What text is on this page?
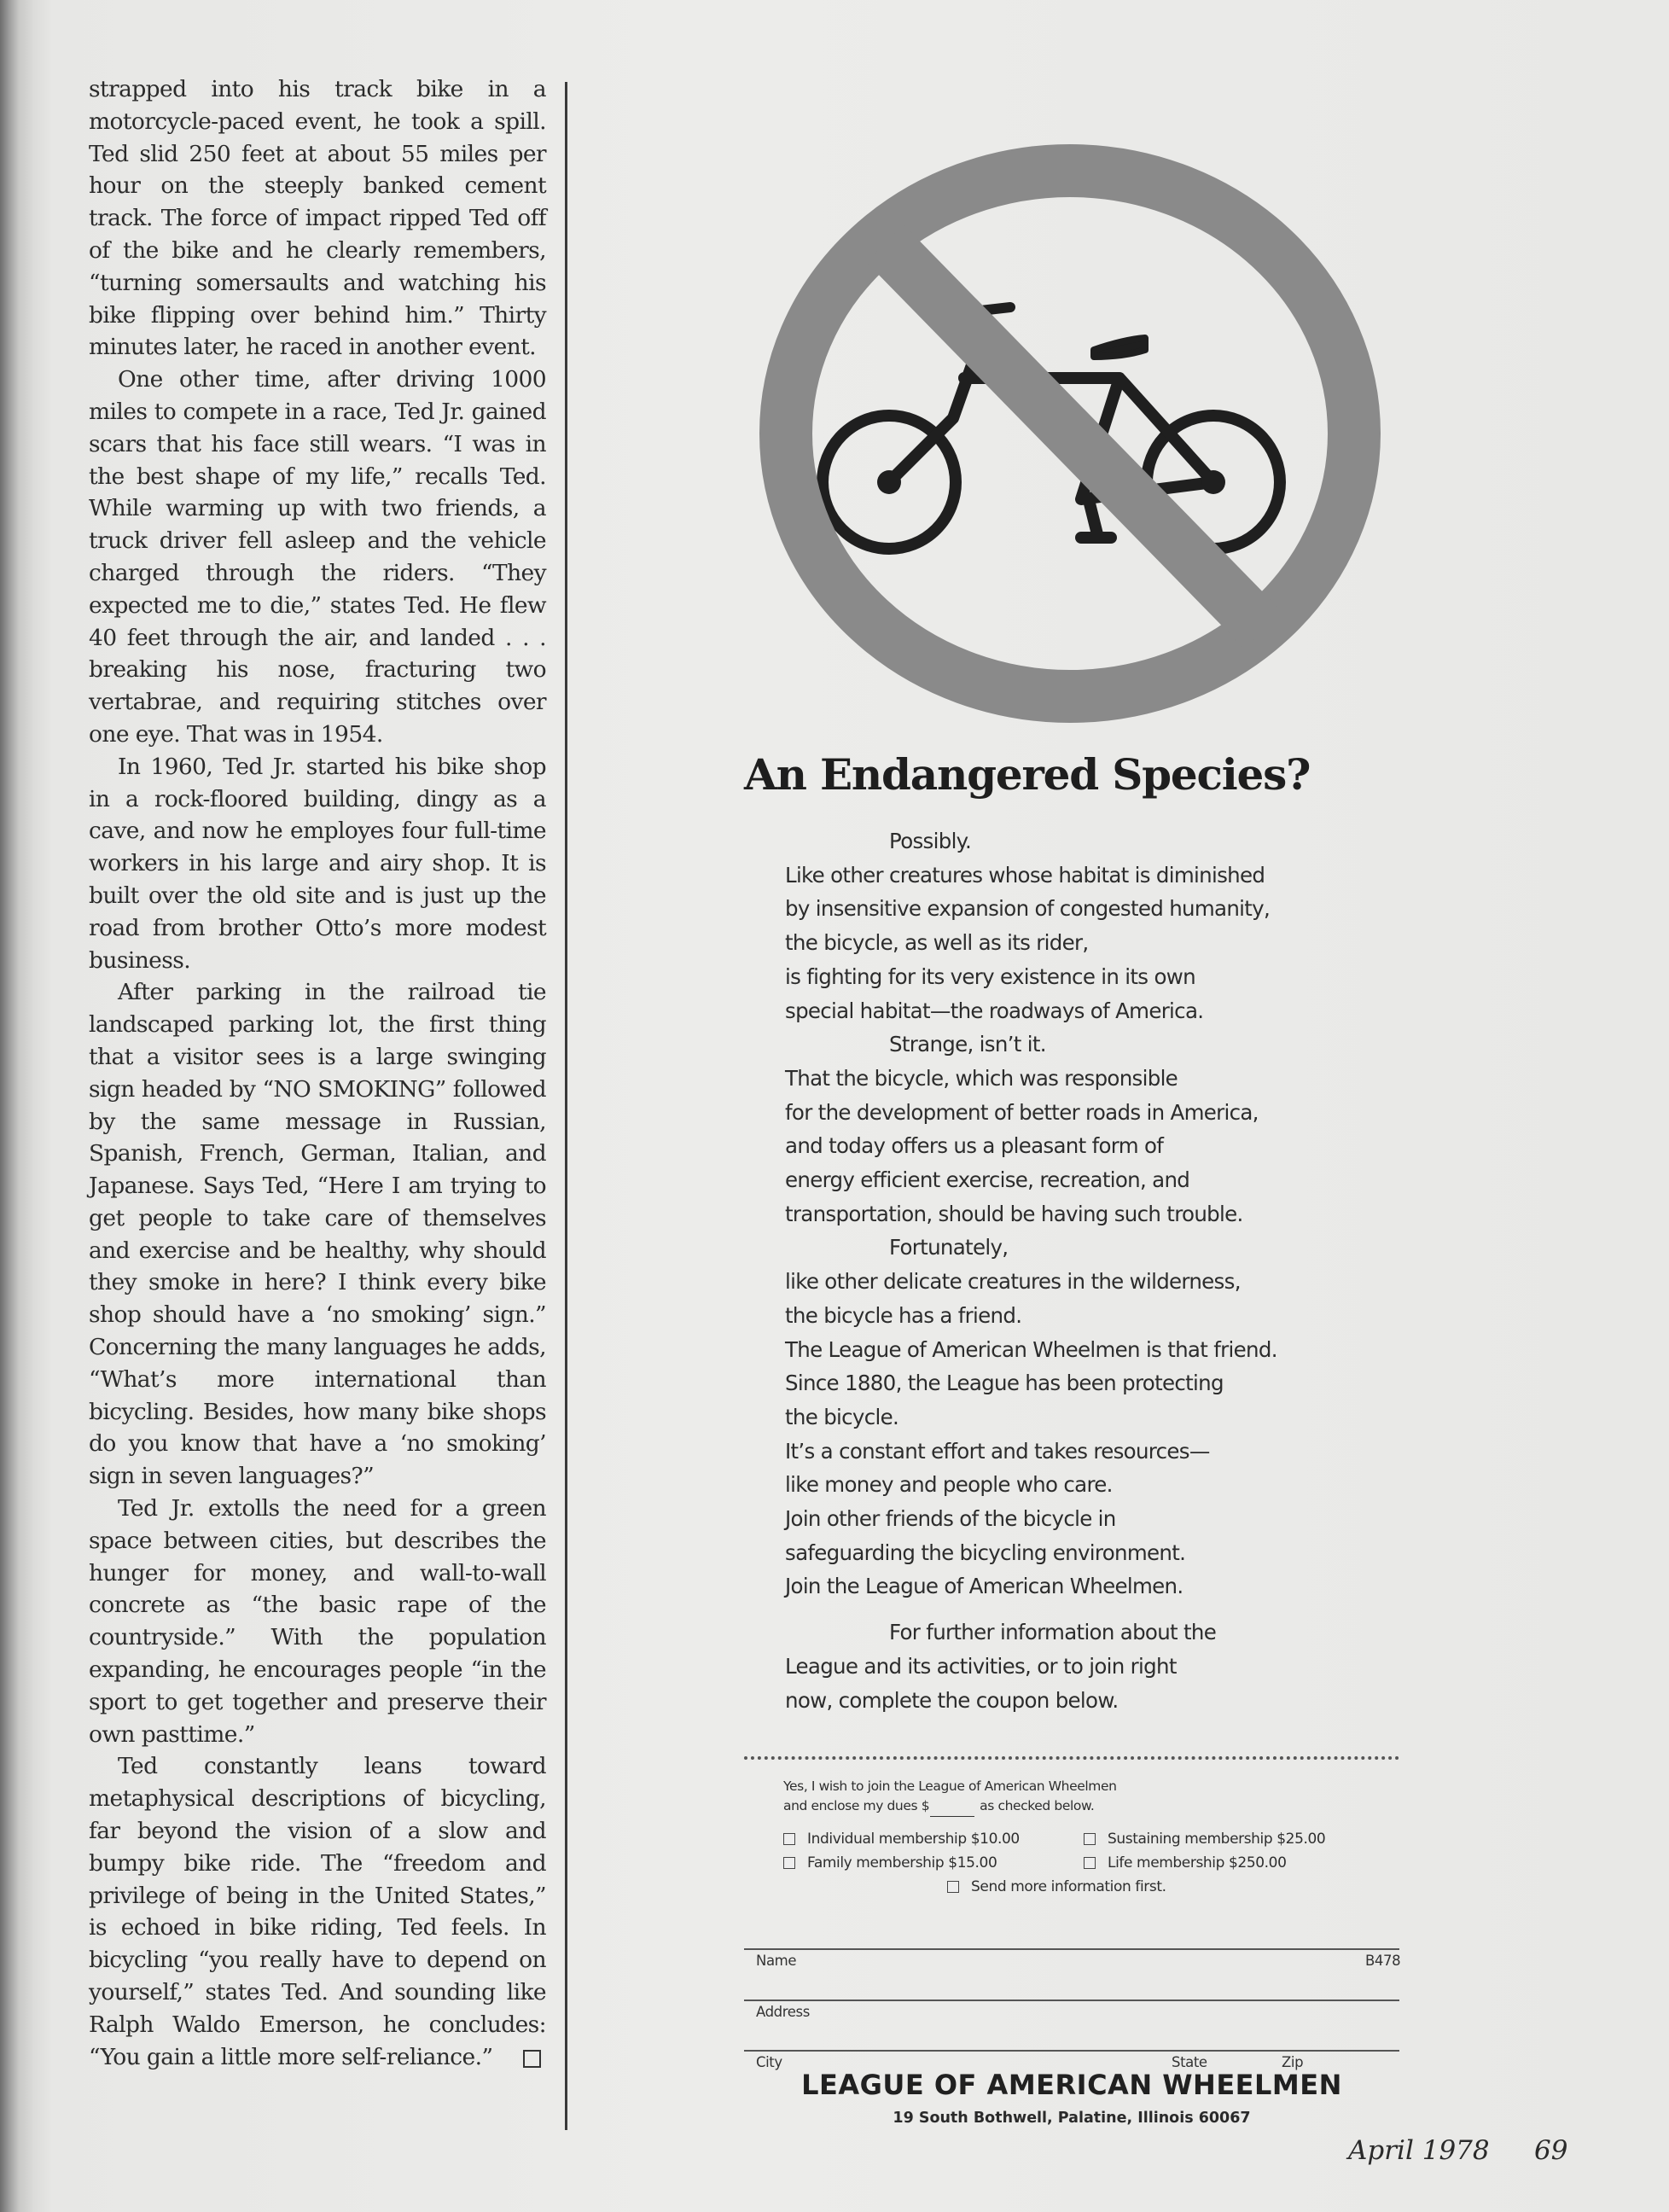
strapped into his track bike in a motorcycle-paced event, he took a spill. Ted slid 250 feet at about 55 miles per hour on the steeply banked cement track. The force of impact ripped Ted off of the bike and he clearly remembers, “turning somersaults and watching his bike flipping over behind him.” Thirty minutes later, he raced in another event.

One other time, after driving 1000 miles to compete in a race, Ted Jr. gained scars that his face still wears. “I was in the best shape of my life,” recalls Ted. While warming up with two friends, a truck driver fell asleep and the vehicle charged through the riders. “They expected me to die,” states Ted. He flew 40 feet through the air, and landed . . . breaking his nose, fracturing two vertabrae, and requiring stitches over one eye. That was in 1954.

In 1960, Ted Jr. started his bike shop in a rock-floored building, dingy as a cave, and now he employes four full-time workers in his large and airy shop. It is built over the old site and is just up the road from brother Otto’s more modest business.

After parking in the railroad tie landscaped parking lot, the first thing that a visitor sees is a large swinging sign headed by “NO SMOKING” followed by the same message in Russian, Spanish, French, German, Italian, and Japanese. Says Ted, “Here I am trying to get people to take care of themselves and exercise and be healthy, why should they smoke in here? I think every bike shop should have a ‘no smoking’ sign.” Concerning the many languages he adds, “What’s more international than bicycling. Besides, how many bike shops do you know that have a ‘no smoking’ sign in seven languages?”

Ted Jr. extolls the need for a green space between cities, but describes the hunger for money, and wall-to-wall concrete as “the basic rape of the countryside.” With the population expanding, he encourages people “in the sport to get together and preserve their own pasttime.”

Ted constantly leans toward metaphysical descriptions of bicycling, far beyond the vision of a slow and bumpy bike ride. The “freedom and privilege of being in the United States,” is echoed in bike riding, Ted feels. In bicycling “you really have to depend on yourself,” states Ted. And sounding like Ralph Waldo Emerson, he concludes: “You gain a little more self-reliance.”

An Endangered Species?
Possibly.
Like other creatures whose habitat is diminished
by insensitive expansion of congested humanity,
the bicycle, as well as its rider,
is fighting for its very existence in its own
special habitat—the roadways of America.
Strange, isn’t it.
That the bicycle, which was responsible
for the development of better roads in America,
and today offers us a pleasant form of
energy efficient exercise, recreation, and
transportation, should be having such trouble.
Fortunately,
like other delicate creatures in the wilderness,
the bicycle has a friend.
The League of American Wheelmen is that friend.
Since 1880, the League has been protecting
the bicycle.
It’s a constant effort and takes resources—
like money and people who care.
Join other friends of the bicycle in
safeguarding the bicycling environment.
Join the League of American Wheelmen.
For further information about the
League and its activities, or to join right
now, complete the coupon below.
Yes, I wish to join the League of American Wheelmen
and enclose my dues $	as checked below.
Individual membership $10.00	Sustaining membership $25.00
Family membership $15.00	Life membership $250.00
Send more information first.
Name	B478
Address
City	State	Zip
LEAGUE OF AMERICAN WHEELMEN
19 South Bothwell, Palatine, Illinois 60067
April 1978 69
